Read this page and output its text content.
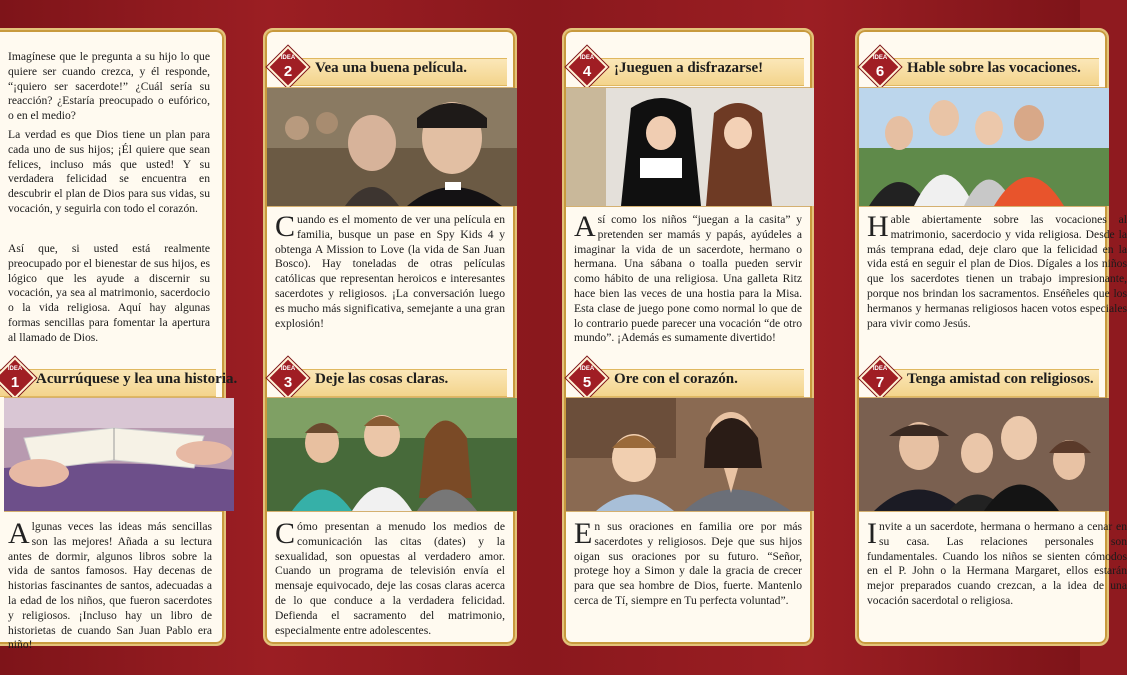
Imagínese que le pregunta a su hijo lo que quiere ser cuando crezca, y él responde, “¡quiero ser sacerdote!” ¿Cuál sería su reacción? ¿Estaría preocupado o eufórico, o en el medio?
La verdad es que Dios tiene un plan para cada uno de sus hijos; ¡Él quiere que sean felices, incluso más que usted! Y su verdadera felicidad se encuentra en descubrir el plan de Dios para sus vidas, su vocación, y seguirla con todo el corazón.
Así que, si usted está realmente preocupado por el bienestar de sus hijos, es lógico que les ayude a discernir su vocación, ya sea al matrimonio, sacerdocio o la vida religiosa. Aquí hay algunas formas sencillas para fomentar la apertura al llamado de Dios.
IDEA
1	Acurrúquese y lea una historia.
Algunas veces las ideas más sencillas son las mejores! Añada a su lectura antes de dormir, algunos libros sobre la vida de santos famosos. Hay decenas de historias fascinantes de santos, adecuadas a la edad de los niños, que fueron sacerdotes y religiosos. ¡Incluso hay un libro de historietas de cuando San Juan Pablo era niño!
IDEA
2	Vea una buena película.
Cuando es el momento de ver una película en familia, busque un pase en Spy Kids 4 y obtenga A Mission to Love (la vida de San Juan Bosco). Hay toneladas de otras películas católicas que representan heroicos e interesantes sacerdotes y religiosos. ¡La conversación luego es mucho más significativa, semejante a una gran explosión!
IDEA
3	Deje las cosas claras.
Cómo presentan a menudo los medios de comunicación las citas (dates) y la sexualidad, son opuestas al verdadero amor. Cuando un programa de televisión envía el mensaje equivocado, deje las cosas claras acerca de lo que conduce a la verdadera felicidad. Defienda el sacramento del matrimonio, especialmente entre adolescentes.
IDEA
4	¡Jueguen a disfrazarse!
Así como los niños “juegan a la casita” y pretenden ser mamás y papás, ayúdeles a imaginar la vida de un sacerdote, hermano o hermana. Una sábana o toalla pueden servir como hábito de una religiosa. Una galleta Ritz hace bien las veces de una hostia para la Misa. Esta clase de juego pone como normal lo que de lo contrario puede parecer una vocación “de otro mundo”. ¡Además es sumamente divertido!
IDEA
5	Ore con el corazón.
En sus oraciones en familia ore por más sacerdotes y religiosos. Deje que sus hijos oigan sus oraciones por su futuro. “Señor, protege hoy a Simon y dale la gracia de crecer para que sea hombre de Dios, fuerte. Mantenlo cerca de Tí, siempre en Tu perfecta voluntad”.
IDEA
6	Hable sobre las vocaciones.
Hable abiertamente sobre las vocaciones al matrimonio, sacerdocio y vida religiosa. Desde la más temprana edad, deje claro que la felicidad en la vida está en seguir el plan de Dios. Dígales a los niños que los sacerdotes tienen un trabajo impresionante, porque nos brindan los sacramentos. Enséñeles que los hermanos y hermanas religiosos hacen votos especiales para vivir como Jesús.
IDEA
7	Tenga amistad con religiosos.
Invite a un sacerdote, hermana o hermano a cenar en su casa. Las relaciones personales son fundamentales. Cuando los niños se sienten cómodos en el P. John o la Hermana Margaret, ellos estarán mejor preparados cuando crezcan, a la idea de una vocación sacerdotal o religiosa.
